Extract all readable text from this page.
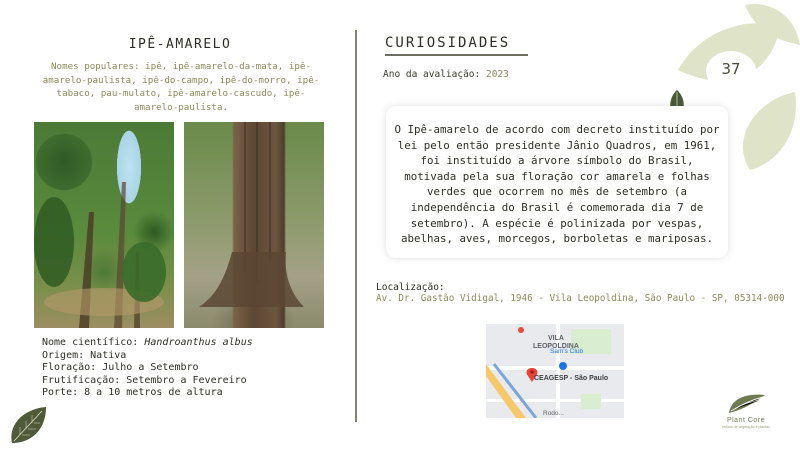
37
IPÊ-AMARELO
Nomes populares: ipê, ipê-amarelo-da-mata, ipê-amarelo-paulista, ipê-do-campo, ipê-do-morro, ipê-tabaco, pau-mulato, ipê-amarelo-cascudo, ipê-amarelo-paulista.
Nome científico: Handroanthus albus
Origem: Nativa
Floração: Julho a Setembro
Frutificação: Setembro a Fevereiro
Porte: 8 a 10 metros de altura
CURIOSIDADES
Ano da avaliação: 2023
O Ipê-amarelo de acordo com decreto instituído por lei pelo então presidente Jânio Quadros, em 1961, foi instituído a árvore símbolo do Brasil, motivada pela sua floração cor amarela e folhas verdes que ocorrem no mês de setembro (a independência do Brasil é comemorada dia 7 de setembro). A espécie é polinizada por vespas, abelhas, aves, morcegos, borboletas e mariposas.
Localização:
Av. Dr. Gastão Vidigal, 1946 - Vila Leopoldina, São Paulo - SP, 05314-000
VILA
LEOPOLDINA
Sam's Club
CEAGESP - São Paulo
Rodo...
Plant Core
estudo de vegetação e plantas
